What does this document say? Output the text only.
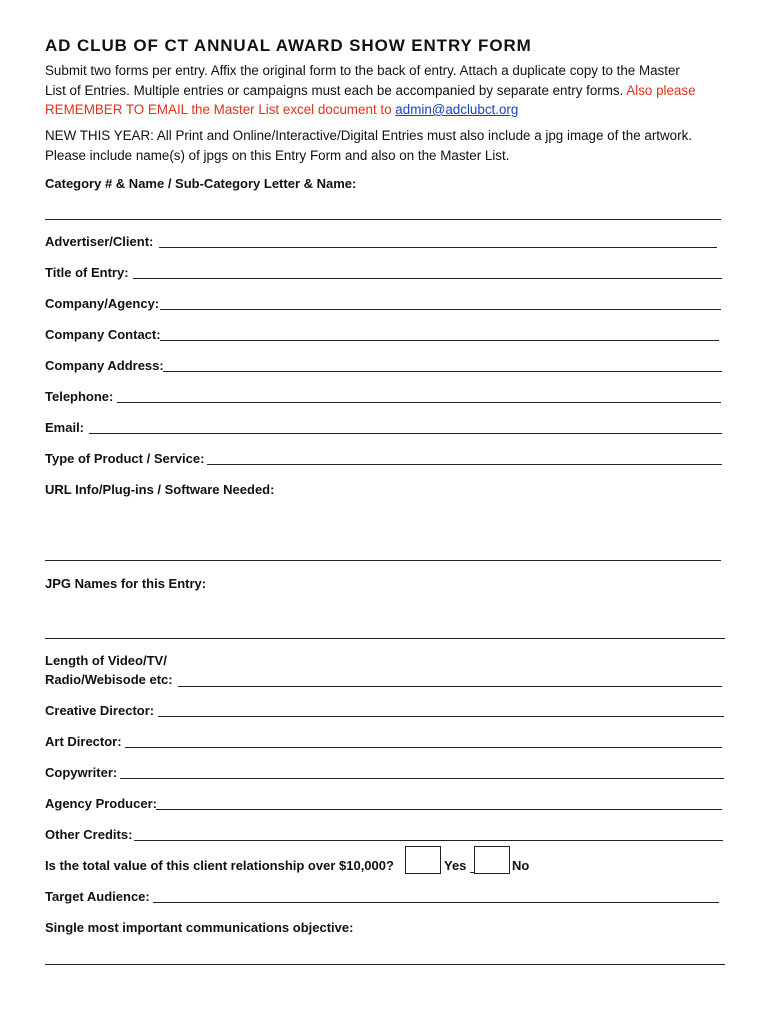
AD CLUB OF CT ANNUAL AWARD SHOW ENTRY FORM
Submit two forms per entry. Affix the original form to the back of entry. Attach a duplicate copy to the Master
List of Entries. Multiple entries or campaigns must each be accompanied by separate entry forms. Also please
REMEMBER TO EMAIL the Master List excel document to admin@adclubct.org
NEW THIS YEAR: All Print and Online/Interactive/Digital Entries must also include a jpg image of the artwork.
Please include name(s) of jpgs on this Entry Form and also on the Master List.
Category # & Name / Sub-Category Letter & Name:
Advertiser/Client:
Title of Entry:
Company/Agency:
Company Contact:
Company Address:
Telephone:
Email:
Type of Product / Service:
URL Info/Plug-ins / Software Needed:
JPG Names for this Entry:
Length of Video/TV/
Radio/Webisode etc:
Creative Director:
Art Director:
Copywriter:
Agency Producer:
Other Credits:
Is the total value of this client relationship over $10,000?	Yes	No
Target Audience:
Single most important communications objective:
